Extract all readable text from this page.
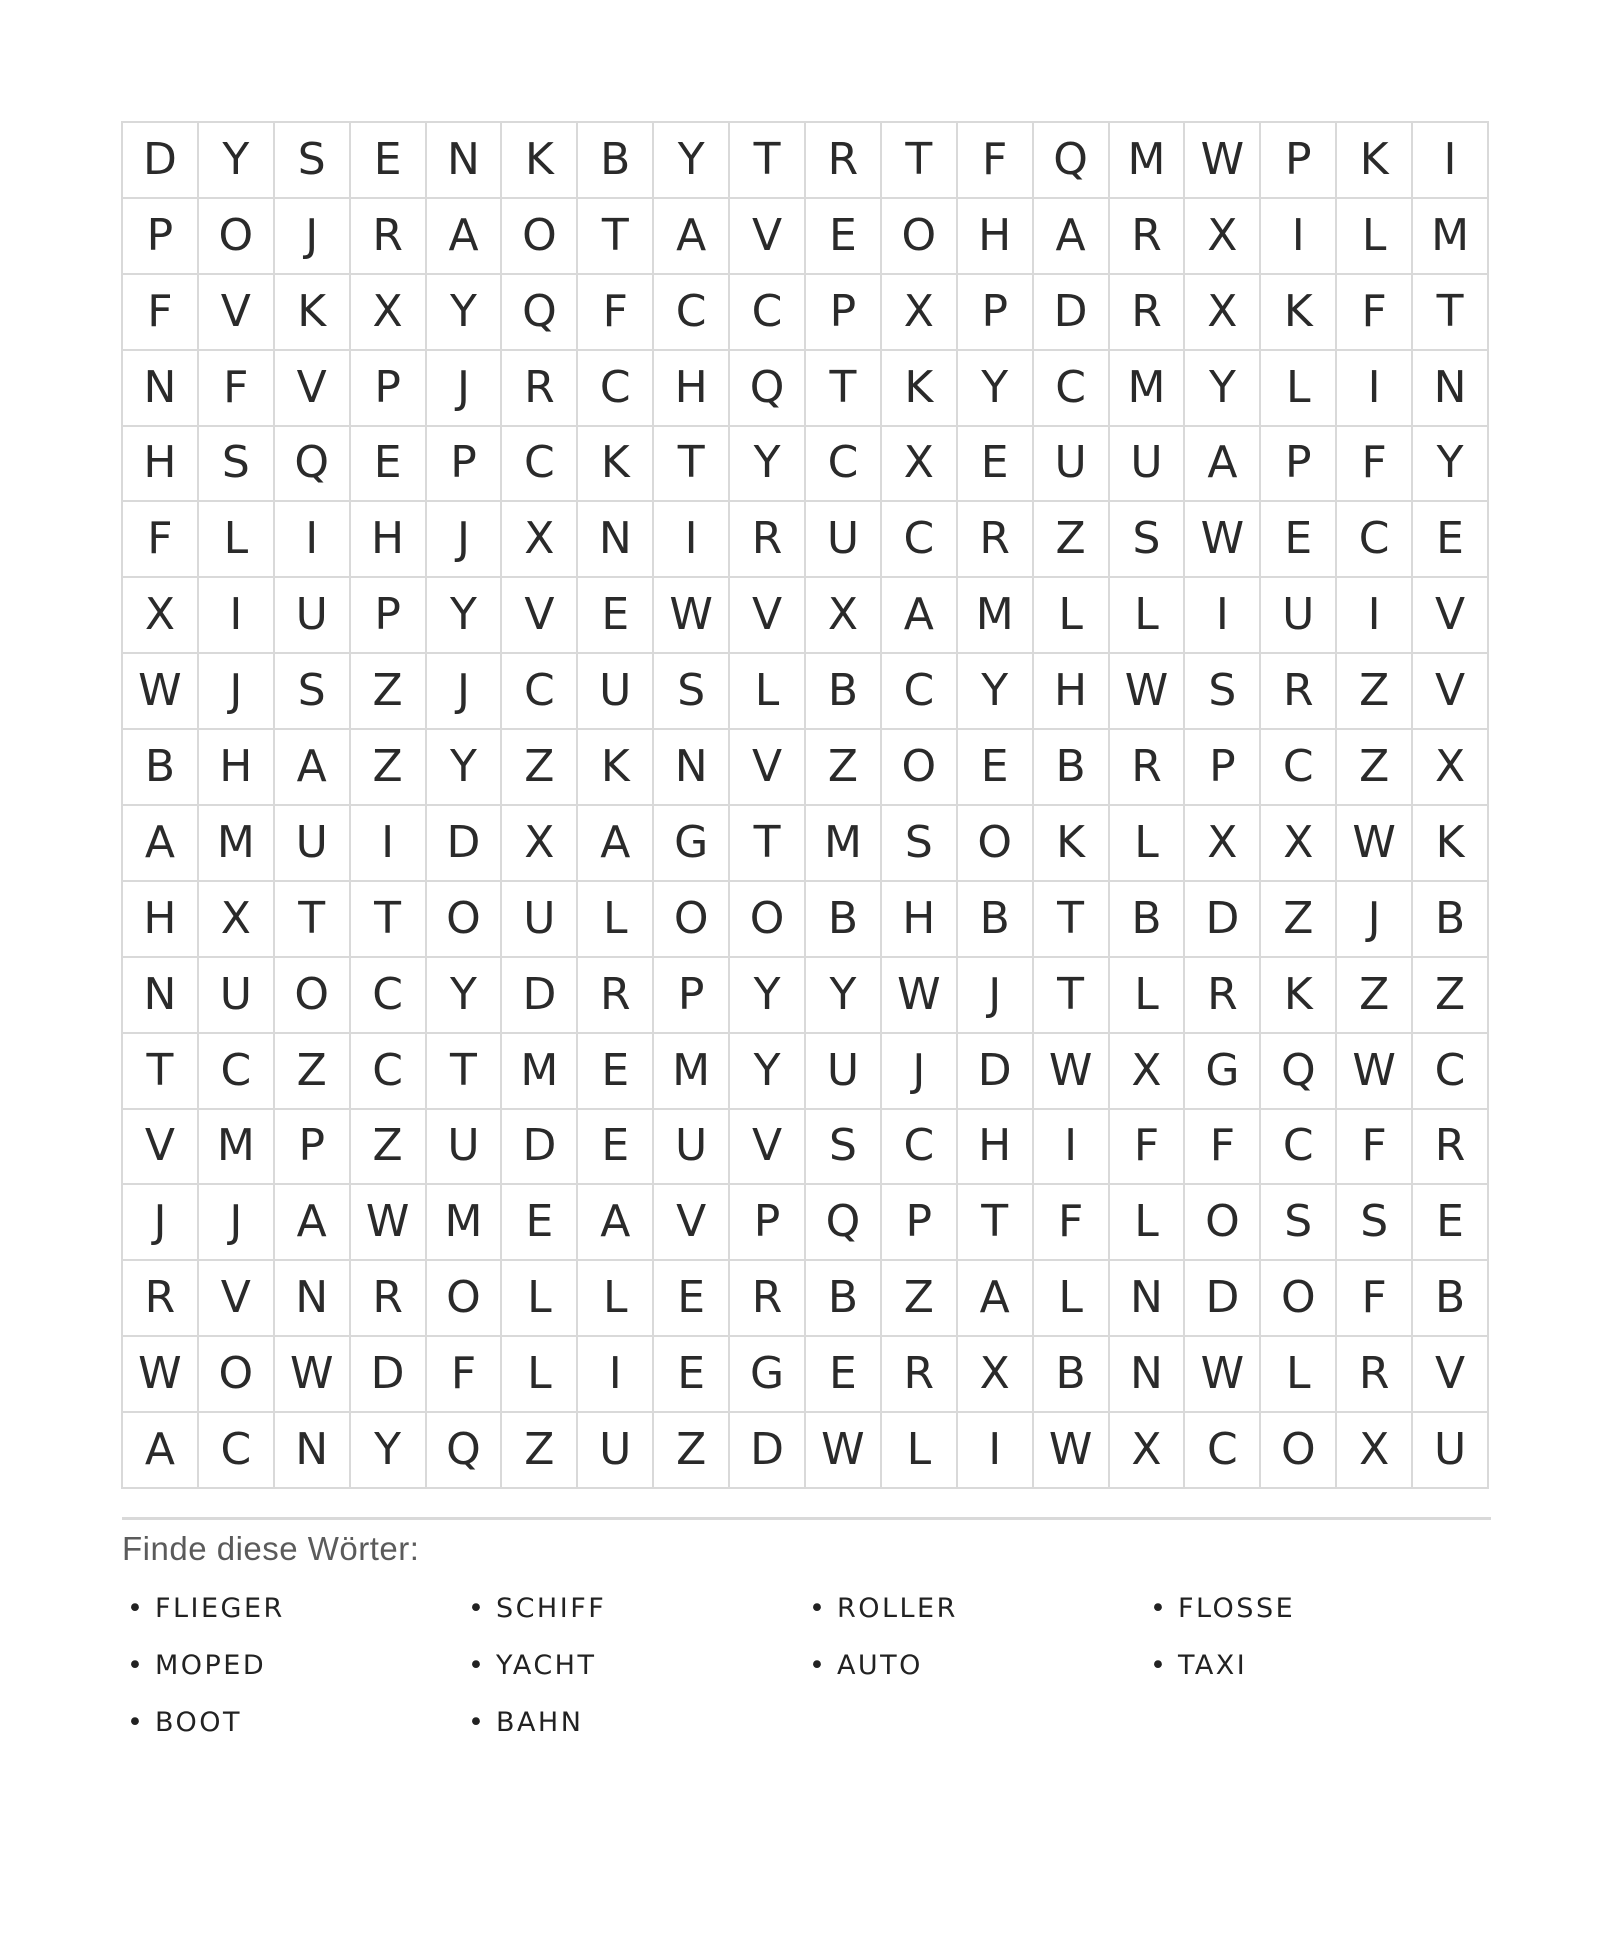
D	Y	S	E	N	K	B	Y	T	R	T	F	Q M W P	K	I
P	O	J	R	A O	T	A	V	E	O H	A	R	X	I	L	M
F	V	K	X	Y	Q	F	C	C	P	X	P	D R	X	K	F	T
N	F	V	P	J	R	C H Q	T	K	Y	C M Y	L	I	N
H	S	Q	E	P	C	K	T	Y	C	X	E	U U	A	P	F	Y
F	L	I	H	J	X	N	I	R	U	C	R	Z	S W E	C	E
X	I	U	P	Y	V	E W V	X	A M	L	L	I	U	I	V
W	J	S	Z	J	C	U	S	L	B	C	Y	H W S	R	Z	V
B	H	A	Z	Y	Z	K	N	V	Z O	E	B	R	P	C	Z	X
A M U	I	D X	A G	T M S	O	K	L	X	X W K
H	X	T	T	O U	L	O O B	H	B	T	B D Z	J	B
N U O C	Y	D R	P	Y	Y W	J	T	L	R	K	Z	Z
T	C	Z	C	T M E M Y	U	J	D W X G Q W C
V M P	Z	U D	E	U	V	S	C H	I	F	F	C	F	R
J	J	A W M E	A	V	P	Q	P	T	F	L	O	S	S	E
R	V	N	R O	L	L	E	R	B	Z	A	L	N D O	F	B
W O W D	F	L	I	E	G	E	R	X	B	N W L	R	V
A	C	N	Y	Q Z	U	Z D W L	I	W X	C O X	U
Finde diese Wörter:
• FLIEGER
• MOPED
• BOOT
• SCHIFF
• YACHT
• BAHN
• ROLLER
• AUTO
• FLOSSE
• TAXI
